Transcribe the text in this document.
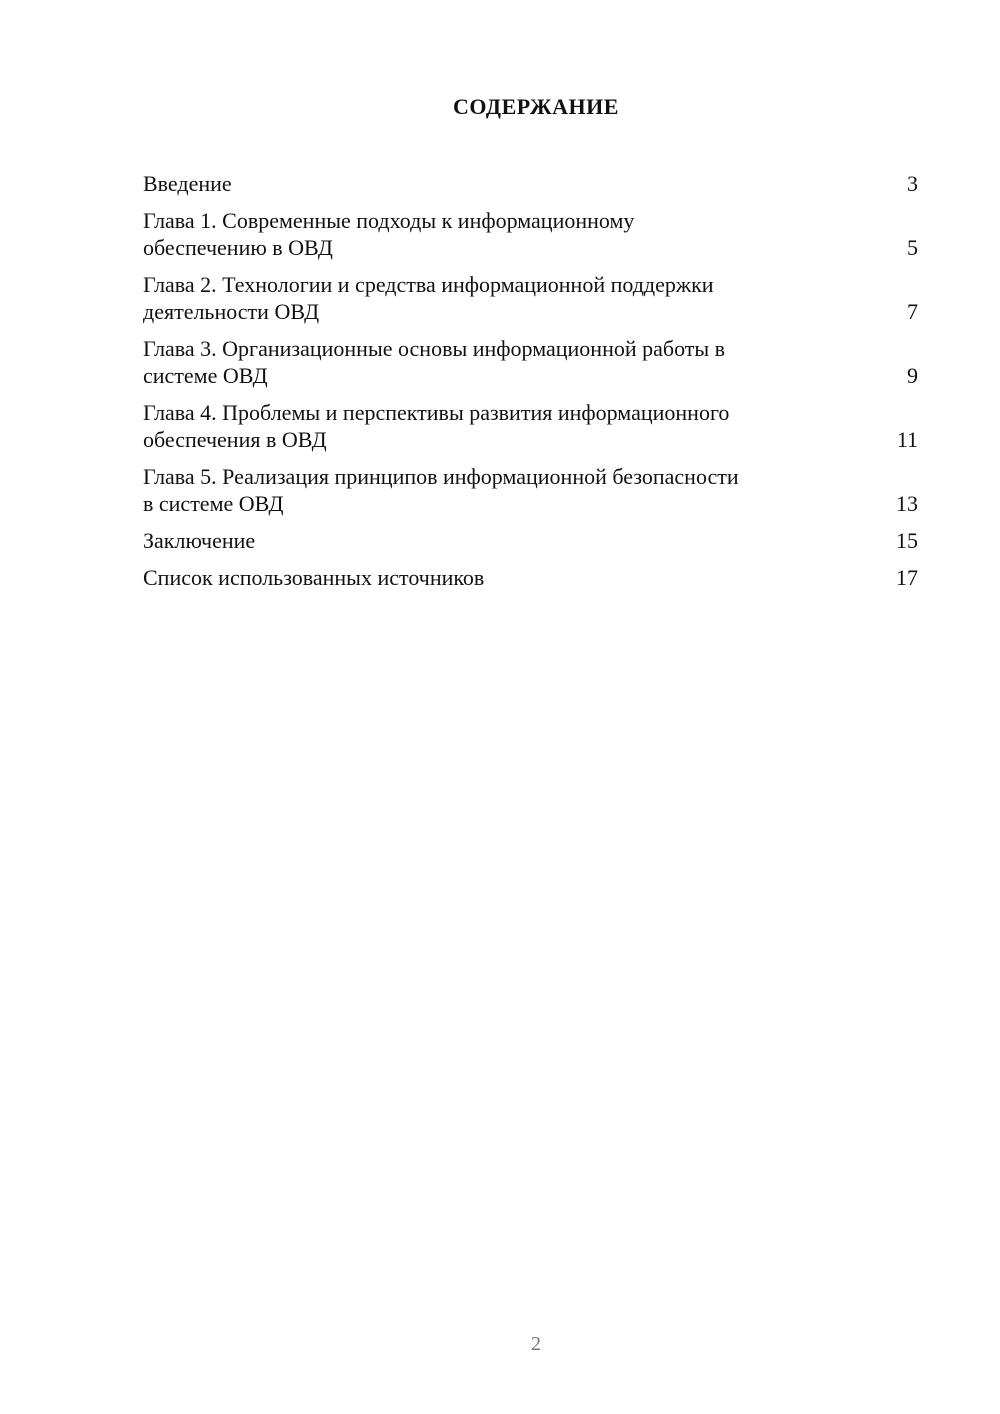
СОДЕРЖАНИЕ
Введение	3
Глава 1. Современные подходы к информационному
обеспечению в ОВД	5
Глава 2. Технологии и средства информационной поддержки
деятельности ОВД	7
Глава 3. Организационные основы информационной работы в
системе ОВД	9
Глава 4. Проблемы и перспективы развития информационного
обеспечения в ОВД	11
Глава 5. Реализация принципов информационной безопасности
в системе ОВД	13
Заключение	15
Список использованных источников	17
2
